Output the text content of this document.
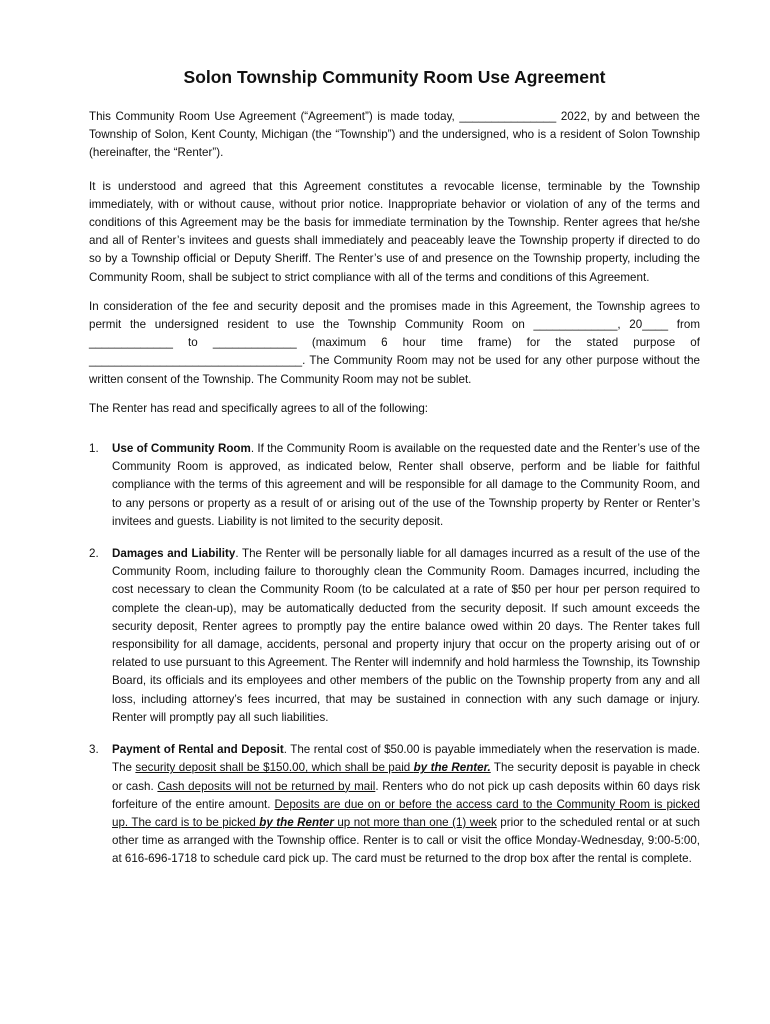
Solon Township Community Room Use Agreement

This Community Room Use Agreement (“Agreement”) is made today, _______________ 2022, by and between the Township of Solon, Kent County, Michigan (the “Township”) and the undersigned, who is a resident of Solon Township (hereinafter, the “Renter”).

It is understood and agreed that this Agreement constitutes a revocable license, terminable by the Township immediately, with or without cause, without prior notice. Inappropriate behavior or violation of any of the terms and conditions of this Agreement may be the basis for immediate termination by the Township. Renter agrees that he/she and all of Renter’s invitees and guests shall immediately and peaceably leave the Township property if directed to do so by a Township official or Deputy Sheriff. The Renter’s use of and presence on the Township property, including the Community Room, shall be subject to strict compliance with all of the terms and conditions of this Agreement.

In consideration of the fee and security deposit and the promises made in this Agreement, the Township agrees to permit the undersigned resident to use the Township Community Room on _____________, 20____ from _____________ to _____________ (maximum 6 hour time frame) for the stated purpose of _________________________________. The Community Room may not be used for any other purpose without the written consent of the Township. The Community Room may not be sublet.

The Renter has read and specifically agrees to all of the following:

1. Use of Community Room. If the Community Room is available on the requested date and the Renter’s use of the Community Room is approved, as indicated below, Renter shall observe, perform and be liable for faithful compliance with the terms of this agreement and will be responsible for all damage to the Community Room, and to any persons or property as a result of or arising out of the use of the Township property by Renter or Renter’s invitees and guests. Liability is not limited to the security deposit.
2. Damages and Liability. The Renter will be personally liable for all damages incurred as a result of the use of the Community Room, including failure to thoroughly clean the Community Room. Damages incurred, including the cost necessary to clean the Community Room (to be calculated at a rate of $50 per hour per person required to complete the clean-up), may be automatically deducted from the security deposit. If such amount exceeds the security deposit, Renter agrees to promptly pay the entire balance owed within 20 days. The Renter takes full responsibility for all damage, accidents, personal and property injury that occur on the property arising out of or related to use pursuant to this Agreement. The Renter will indemnify and hold harmless the Township, its Township Board, its officials and its employees and other members of the public on the Township property from any and all loss, including attorney’s fees incurred, that may be sustained in connection with any such damage or injury. Renter will promptly pay all such liabilities.
3. Payment of Rental and Deposit. The rental cost of $50.00 is payable immediately when the reservation is made. The security deposit shall be $150.00, which shall be paid by the Renter. The security deposit is payable in check or cash. Cash deposits will not be returned by mail. Renters who do not pick up cash deposits within 60 days risk forfeiture of the entire amount. Deposits are due on or before the access card to the Community Room is picked up. The card is to be picked by the Renter up not more than one (1) week prior to the scheduled rental or at such other time as arranged with the Township office. Renter is to call or visit the office Monday-Wednesday, 9:00-5:00, at 616-696-1718 to schedule card pick up. The card must be returned to the drop box after the rental is complete.
